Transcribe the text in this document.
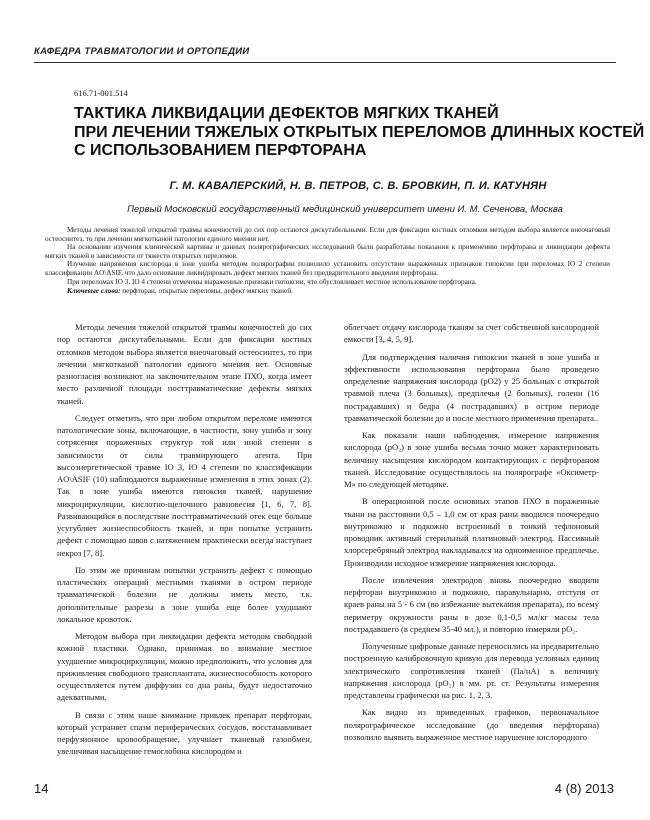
КАФЕДРА ТРАВМАТОЛОГИИ И ОРТОПЕДИИ
616.71-001.514
ТАКТИКА ЛИКВИДАЦИИ ДЕФЕКТОВ МЯГКИХ ТКАНЕЙ
ПРИ ЛЕЧЕНИИ ТЯЖЕЛЫХ ОТКРЫТЫХ ПЕРЕЛОМОВ ДЛИННЫХ КОСТЕЙ
С ИСПОЛЬЗОВАНИЕМ ПЕРФТОРАНА
Г. М. КАВАЛЕРСКИЙ, Н. В. ПЕТРОВ, С. В. БРОВКИН, П. И. КАТУНЯН
Первый Московский государственный медицинский университет имени И. М. Сеченова, Москва

Методы лечения тяжелой открытой травмы конечностей до сих пор остаются дискутабельными. Если для фиксации костных отломков методом выбора является внеочаговый остеосинтез, то при лечении мягкотканой патологии единого мнения нет.

На основании изучения клинической картины и данных полярографических исследований были разработаны показания к применению перфторана и ликвидации дефекта мягких тканей в зависимости от тяжести открытых переломов.

Изучение напряжения кислорода в зоне ушиба методом полярографии позволило установить отсутствие выраженных признаков гипоксии при переломах IO 2 степени классификации AO\ASIF, что дало основание ликвидировать дефект мягких тканей без предварительного введения перфторана.

При переломах IO 3, IO 4 степени отмечены выраженные признаки гипоксии, что обусловливает местное использование перфторана.

Ключевые слова: перфторан, открытые переломы, дефект мягких тканей.

Методы лечения тяжелой открытой травмы конечностей до сих пор остаются дискутабельными. Если для фиксации костных отломков методом выбора является внеочаговый остеосинтез, то при лечении мягкотканой патологии единого мнения нет. Основные разногласия возникают на заключительном этапе ПХО, когда имеет место различной площади посттравматические дефекты мягких тканей.

Следует отметить, что при любом открытом переломе имеются патологические зоны, включающие, в частности, зону ушиба и зону сотрясения пораженных структур той или иной степени в зависимости от силы травмирующего агента. При высоэнергетической травме IO 3, IO 4 степени по классификации AO\ASIF (10) наблюдаются выраженные изменения в этих зонах (2). Так в зоне ушиба имеются гипоксия тканей, нарушение микроциркуляции, кислотно-щелочного равновесия [1, 6, 7, 8]. Развивающийся в последствие посттравматический отек еще больше усугубляет жизнеспособность тканей, и при попытке устранить дефект с помощью швов с натяжением практически всегда наступает некроз [7, 8].

По этим же причинам попытки устранить дефект с помощью пластических операций местными тканями в остром периоде травматической болезни не должны иметь место, т.к. дополнительные разрезы в зоне ушиба еще более ухудшают локальное кровоток.

Методом выбора при ликвидации дефекта методом свободной кожной пластики. Однако, принимая во внимание местное ухудшение микроциркуляции, можно предположить, что условия для приживления свободного трансплантата, жизнеспособность которого осуществляется путем диффузии со дна раны, будут недостаточно адекватными.

В связи с этим наше внимание привлек препарат перфторан, который устраняет спазм периферических сосудов, восстанавливает перфузионное кровообращение, улучшает тканевый газообмен, увеличивая насыщение гемоглобина кислородом и

облегчает отдачу кислорода тканям за счет собственной кислородной емкости [3, 4, 5, 9].

Для подтверждения наличия гипоксии тканей в зоне ушиба и эффективности использования перфторана было проведено определение напряжения кислорода (pO2) у 25 больных с открытой травмой плеча (3 больных), предплечья (2 больных), голени (16 пострадавших) и бедра (4 пострадавших) в остром периоде травматической болезни до и после местного применения препарата..

Как показали наши наблюдения, измерение напряжения кислорода (pO₂) в зоне ушиба весьма точно может характеризовать величину насыщения кислородом контактирующих с перфтораном тканей. Исследование осуществлялось на полярографе «Оксиметр-М» по следующей методике.

В операционной после основных этапов ПХО в пораженные ткани на расстоянии 0,5 – 1,0 см от края раны вводился поочередно внутрикожно и подкожно встроенный в тонкий тефлоновый проводник активный стерильный платиновый электрод. Пассивный хлорсеребряный электрод накладывался на одноименное предплечье. Производили исходное измерение напряжения кислорода.

После извлечения электродов вновь поочередно вводили перфторан внутрикожно и подкожно, паравульнарно, отступя от краев раны на 5 - 6 см (во избежание вытекания препарата), по всему периметру окружности раны в дозе 0,1-0,5 мл/кг массы тела пострадавшего (в среднем 35-40 мл.), и повторно измеряли pO₂.

Полученные цифровые данные переносились на предварительно построенную калибровочную кривую для перевода условных единиц электрического сопротивления тканей (Па/нА) в величину напряжения кислорода (pO₂) в мм. рт. ст. Результаты измерения представлены графически на рис. 1, 2, 3.

Как видно из приведенных графиков, первоначальное полярографическое исследование (до введения перфторана) позволило выявить выраженное местное нарушение кислородного

14	4 (8) 2013
